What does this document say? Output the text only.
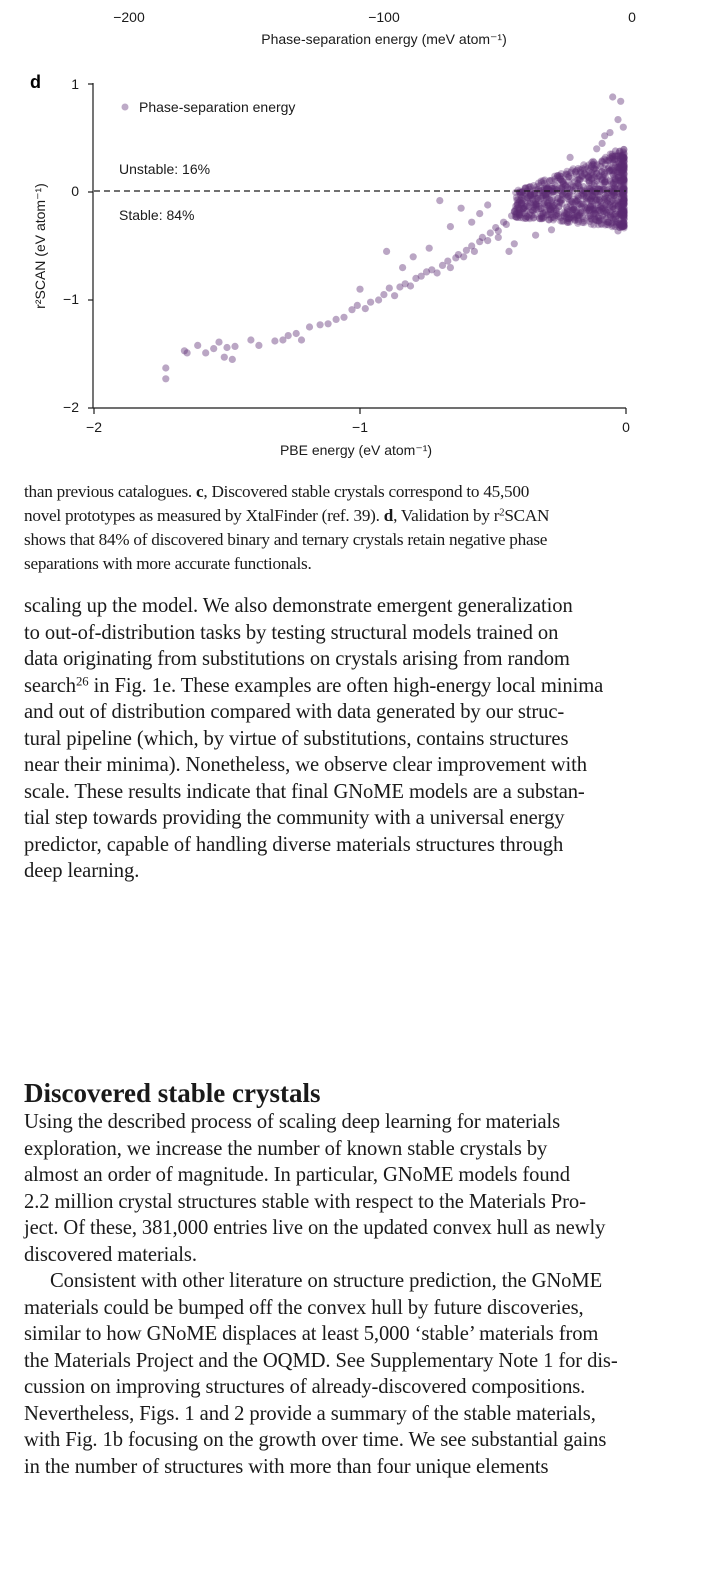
−200	−100	0
Phase-separation energy (meV atom⁻¹)
d 1
0
−1
−2
−2	−1	0
PBE energy (eV atom⁻¹)
r²SCAN (eV atom⁻¹)
Phase-separation energy
Unstable: 16%
Stable: 84%
than previous catalogues. c, Discovered stable crystals correspond to 45,500
novel prototypes as measured by XtalFinder (ref. 39). d, Validation by $r^2SCAN$
shows that 84% of discovered binary and ternary crystals retain negative phase
separations with more accurate functionals.
scaling up the model. We also demonstrate emergent generalization
to out-of-distribution tasks by testing structural models trained on
data originating from substitutions on crystals arising from random
search$^{26}$ in Fig. 1e. These examples are often high-energy local minima
and out of distribution compared with data generated by our struc-
tural pipeline (which, by virtue of substitutions, contains structures
near their minima). Nonetheless, we observe clear improvement with
scale. These results indicate that final GNoME models are a substan-
tial step towards providing the community with a universal energy
predictor, capable of handling diverse materials structures through
deep learning.
Discovered stable crystals
Using the described process of scaling deep learning for materials
exploration, we increase the number of known stable crystals by
almost an order of magnitude. In particular, GNoME models found
2.2 million crystal structures stable with respect to the Materials Pro-
ject. Of these, 381,000 entries live on the updated convex hull as newly
discovered materials.
Consistent with other literature on structure prediction, the GNoME
materials could be bumped off the convex hull by future discoveries,
similar to how GNoME displaces at least 5,000 ‘stable’ materials from
the Materials Project and the OQMD. See Supplementary Note 1 for dis-
cussion on improving structures of already-discovered compositions.
Nevertheless, Figs. 1 and 2 provide a summary of the stable materials,
with Fig. 1b focusing on the growth over time. We see substantial gains
in the number of structures with more than four unique elements
